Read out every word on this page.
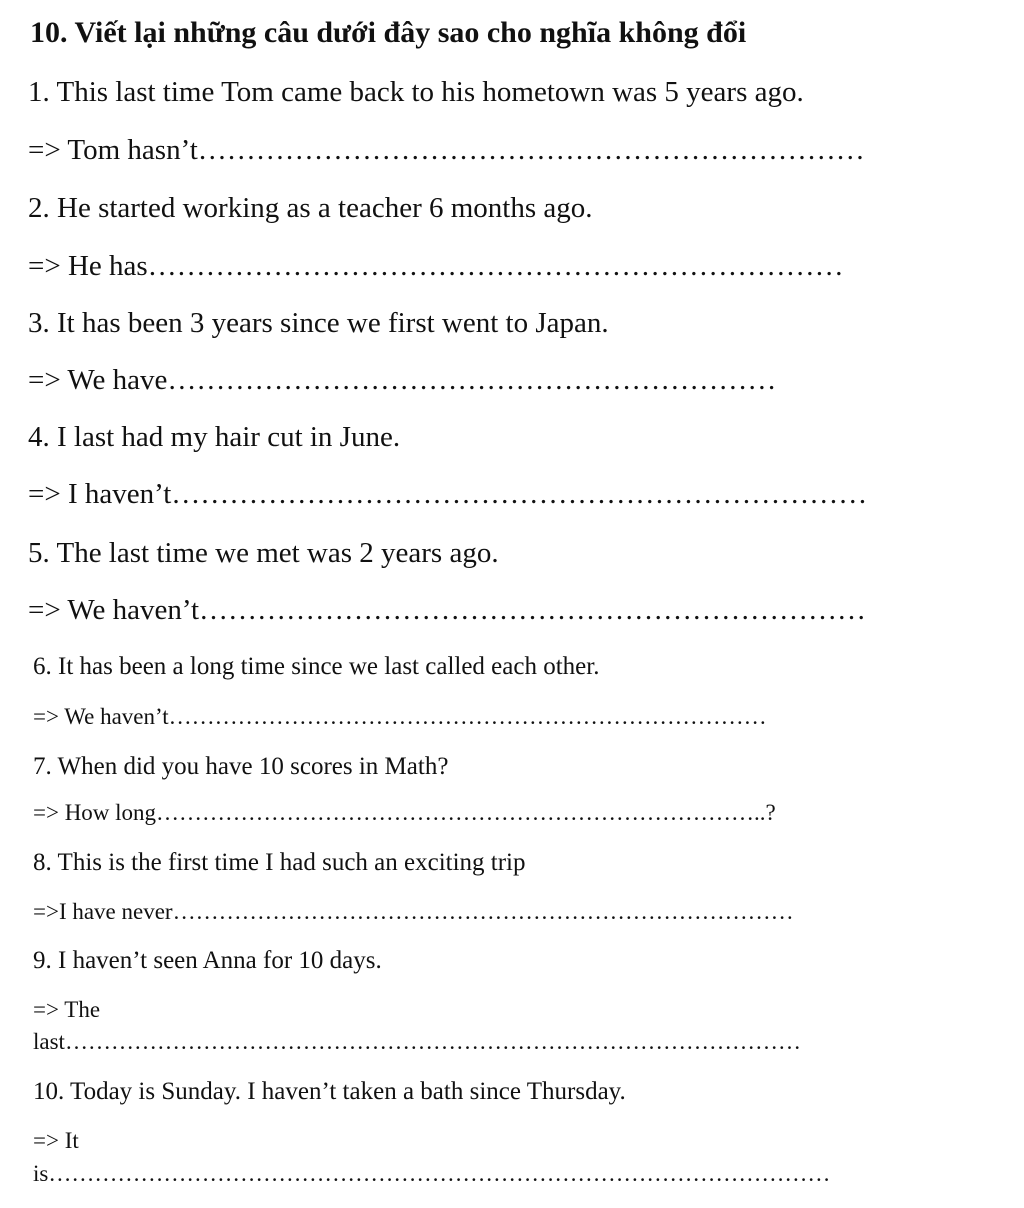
10. Viết lại những câu dưới đây sao cho nghĩa không đổi
1. This last time Tom came back to his hometown was 5 years ago.
=> Tom hasn’t……………………………………………………………
2. He started working as a teacher 6 months ago.
=> He has………………………………………………………………
3. It has been 3 years since we first went to Japan.
=> We have………………………………………………………
4. I last had my hair cut in June.
=> I haven’t………………………………………………………………
5. The last time we met was 2 years ago.
=> We haven’t……………………………………………………………
6. It has been a long time since we last called each other.
=> We haven’t……………………………………………………………………
7. When did you have 10 scores in Math?
=> How long……………………………………………………………………..?
8. This is the first time I had such an exciting trip
=>I have never………………………………………………………………………
9. I haven’t seen Anna for 10 days.
=> The
last……………………………………………………………………………………
10. Today is Sunday. I haven’t taken a bath since Thursday.
=> It
is…………………………………………………………………………………………
